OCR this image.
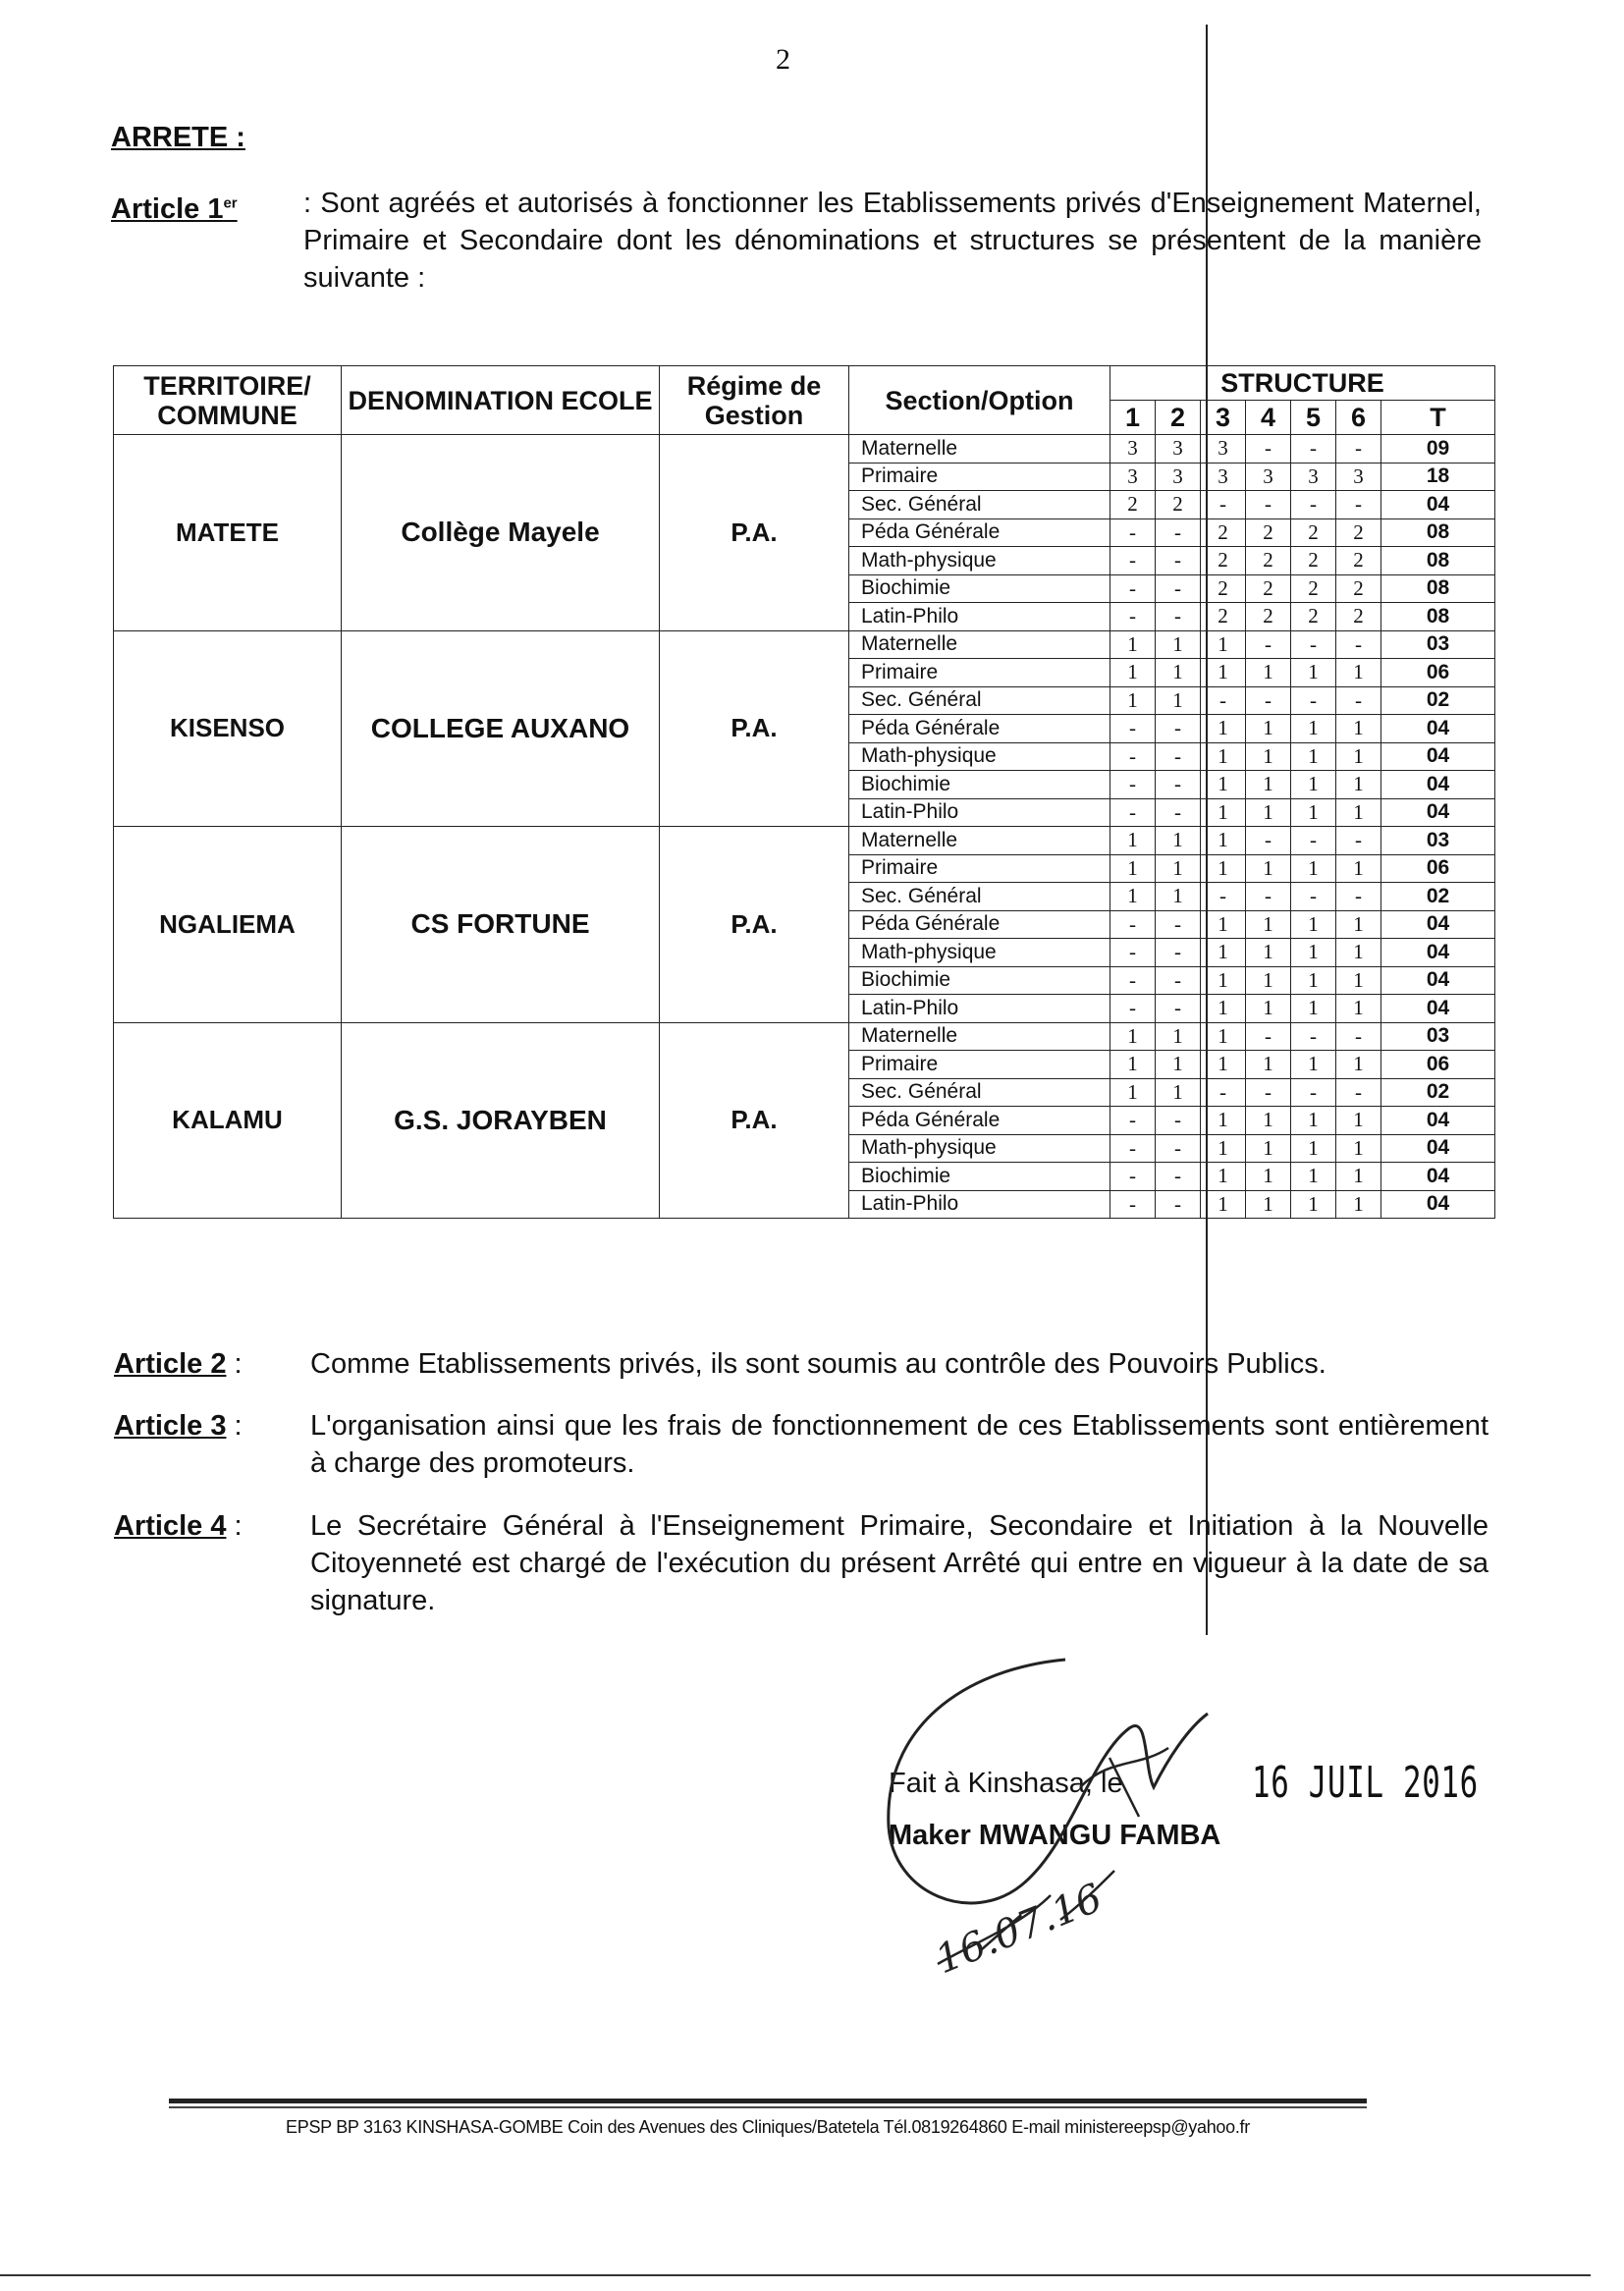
2
ARRETE :
Article 1er : Sont agréés et autorisés à fonctionner les Etablissements privés d'Enseignement Maternel, Primaire et Secondaire dont les dénominations et structures se présentent de la manière suivante :
TERRITOIRE/ COMMUNE	DENOMINATION ECOLE	Régime de Gestion	Section/Option	STRUCTURE						
				1	2	3	4	5	6	T
MATETE	Collège Mayele	P.A.	Maternelle	3	3	3	-	-	-	09
			Primaire	3	3	3	3	3	3	18
			Sec. Général	2	2	-	-	-	-	04
			Péda Générale	-	-	2	2	2	2	08
			Math-physique	-	-	2	2	2	2	08
			Biochimie	-	-	2	2	2	2	08
			Latin-Philo	-	-	2	2	2	2	08
KISENSO	COLLEGE AUXANO	P.A.	Maternelle	1	1	1	-	-	-	03
			Primaire	1	1	1	1	1	1	06
			Sec. Général	1	1	-	-	-	-	02
			Péda Générale	-	-	1	1	1	1	04
			Math-physique	-	-	1	1	1	1	04
			Biochimie	-	-	1	1	1	1	04
			Latin-Philo	-	-	1	1	1	1	04
NGALIEMA	CS FORTUNE	P.A.	Maternelle	1	1	1	-	-	-	03
			Primaire	1	1	1	1	1	1	06
			Sec. Général	1	1	-	-	-	-	02
			Péda Générale	-	-	1	1	1	1	04
			Math-physique	-	-	1	1	1	1	04
			Biochimie	-	-	1	1	1	1	04
			Latin-Philo	-	-	1	1	1	1	04
KALAMU	G.S. JORAYBEN	P.A.	Maternelle	1	1	1	-	-	-	03
			Primaire	1	1	1	1	1	1	06
			Sec. Général	1	1	-	-	-	-	02
			Péda Générale	-	-	1	1	1	1	04
			Math-physique	-	-	1	1	1	1	04
			Biochimie	-	-	1	1	1	1	04
			Latin-Philo	-	-	1	1	1	1	04
Article 2 : Comme Etablissements privés, ils sont soumis au contrôle des Pouvoirs Publics.
Article 3 : L'organisation ainsi que les frais de fonctionnement de ces Etablissements sont entièrement à charge des promoteurs.
Article 4 : Le Secrétaire Général à l'Enseignement Primaire, Secondaire et Initiation à la Nouvelle Citoyenneté est chargé de l'exécution du présent Arrêté qui entre en vigueur à la date de sa signature.
Fait à Kinshasa, le
Maker MWANGU FAMBA
16 JUIL 2016
16.07.16
EPSP BP 3163 KINSHASA-GOMBE Coin des Avenues des Cliniques/Batetela Tél.0819264860 E-mail ministereepsp@yahoo.fr
